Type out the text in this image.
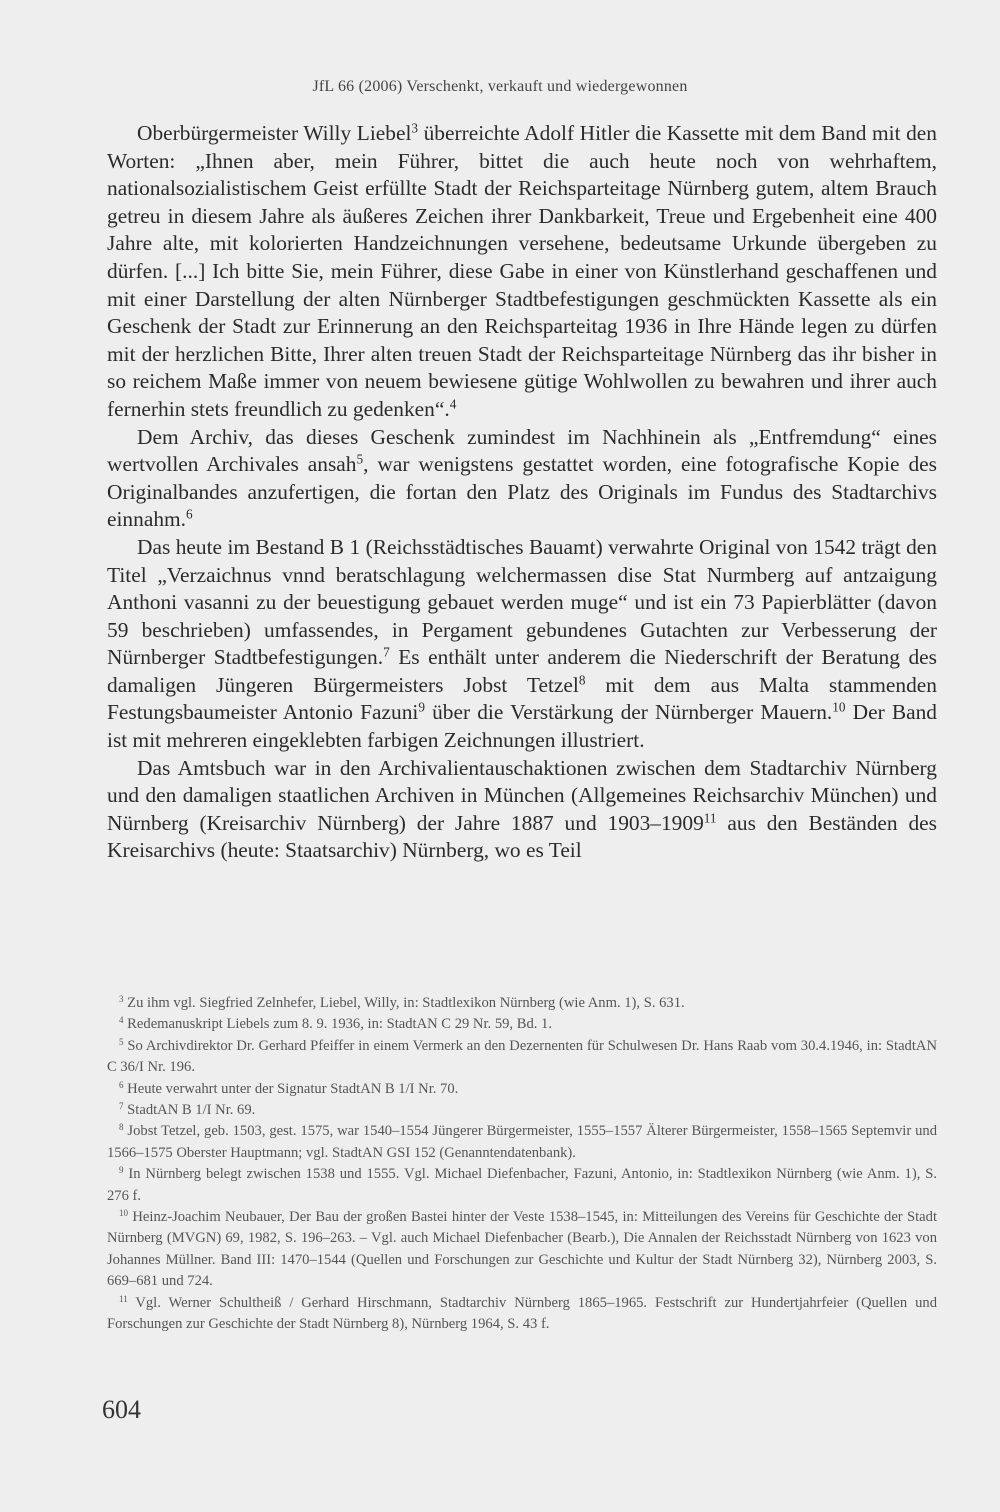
JfL 66 (2006) Verschenkt, verkauft und wiedergewonnen

Oberbürgermeister Willy Liebel$^3$ überreichte Adolf Hitler die Kassette mit dem Band mit den Worten: „Ihnen aber, mein Führer, bittet die auch heute noch von wehrhaftem, nationalsozialistischem Geist erfüllte Stadt der Reichsparteitage Nürnberg gutem, altem Brauch getreu in diesem Jahre als äußeres Zeichen ihrer Dankbarkeit, Treue und Ergebenheit eine 400 Jahre alte, mit kolorierten Handzeichnungen versehene, bedeutsame Urkunde übergeben zu dürfen. [...] Ich bitte Sie, mein Führer, diese Gabe in einer von Künstlerhand geschaffenen und mit einer Darstellung der alten Nürnberger Stadtbefestigungen geschmückten Kassette als ein Geschenk der Stadt zur Erinnerung an den Reichsparteitag 1936 in Ihre Hände legen zu dürfen mit der herzlichen Bitte, Ihrer alten treuen Stadt der Reichsparteitage Nürnberg das ihr bisher in so reichem Maße immer von neuem bewiesene gütige Wohlwollen zu bewahren und ihrer auch fernerhin stets freundlich zu gedenken“.$^4$

Dem Archiv, das dieses Geschenk zumindest im Nachhinein als „Entfremdung“ eines wertvollen Archivales ansah$^5$, war wenigstens gestattet worden, eine fotografische Kopie des Originalbandes anzufertigen, die fortan den Platz des Originals im Fundus des Stadtarchivs einnahm.$^6$

Das heute im Bestand B 1 (Reichsstädtisches Bauamt) verwahrte Original von 1542 trägt den Titel „Verzaichnus vnnd beratschlagung welchermassen dise Stat Nurmberg auf antzaigung Anthoni vasanni zu der beuestigung gebauet werden muge“ und ist ein 73 Papierblätter (davon 59 beschrieben) umfassendes, in Pergament gebundenes Gutachten zur Verbesserung der Nürnberger Stadtbefestigungen.$^7$ Es enthält unter anderem die Niederschrift der Beratung des damaligen Jüngeren Bürgermeisters Jobst Tetzel$^8$ mit dem aus Malta stammenden Festungsbaumeister Antonio Fazuni$^9$ über die Verstärkung der Nürnberger Mauern.$^{10}$ Der Band ist mit mehreren eingeklebten farbigen Zeichnungen illustriert.

Das Amtsbuch war in den Archivalientauschaktionen zwischen dem Stadtarchiv Nürnberg und den damaligen staatlichen Archiven in München (Allgemeines Reichsarchiv München) und Nürnberg (Kreisarchiv Nürnberg) der Jahre 1887 und 1903–1909$^{11}$ aus den Beständen des Kreisarchivs (heute: Staatsarchiv) Nürnberg, wo es Teil

$^3$ Zu ihm vgl. Siegfried Zelnhefer, Liebel, Willy, in: Stadtlexikon Nürnberg (wie Anm. 1), S. 631.

$^4$ Redemanuskript Liebels zum 8. 9. 1936, in: StadtAN C 29 Nr. 59, Bd. 1.

$^5$ So Archivdirektor Dr. Gerhard Pfeiffer in einem Vermerk an den Dezernenten für Schulwesen Dr. Hans Raab vom 30.4.1946, in: StadtAN C 36/I Nr. 196.

$^6$ Heute verwahrt unter der Signatur StadtAN B 1/I Nr. 70.

$^7$ StadtAN B 1/I Nr. 69.

$^8$ Jobst Tetzel, geb. 1503, gest. 1575, war 1540–1554 Jüngerer Bürgermeister, 1555–1557 Älterer Bürgermeister, 1558–1565 Septemvir und 1566–1575 Oberster Hauptmann; vgl. StadtAN GSI 152 (Genanntendatenbank).

$^9$ In Nürnberg belegt zwischen 1538 und 1555. Vgl. Michael Diefenbacher, Fazuni, Antonio, in: Stadtlexikon Nürnberg (wie Anm. 1), S. 276 f.

$^{10}$ Heinz-Joachim Neubauer, Der Bau der großen Bastei hinter der Veste 1538–1545, in: Mitteilungen des Vereins für Geschichte der Stadt Nürnberg (MVGN) 69, 1982, S. 196–263. – Vgl. auch Michael Diefenbacher (Bearb.), Die Annalen der Reichsstadt Nürnberg von 1623 von Johannes Müllner. Band III: 1470–1544 (Quellen und Forschungen zur Geschichte und Kultur der Stadt Nürnberg 32), Nürnberg 2003, S. 669–681 und 724.

$^{11}$ Vgl. Werner Schultheiß / Gerhard Hirschmann, Stadtarchiv Nürnberg 1865–1965. Festschrift zur Hundertjahrfeier (Quellen und Forschungen zur Geschichte der Stadt Nürnberg 8), Nürnberg 1964, S. 43 f.

604
